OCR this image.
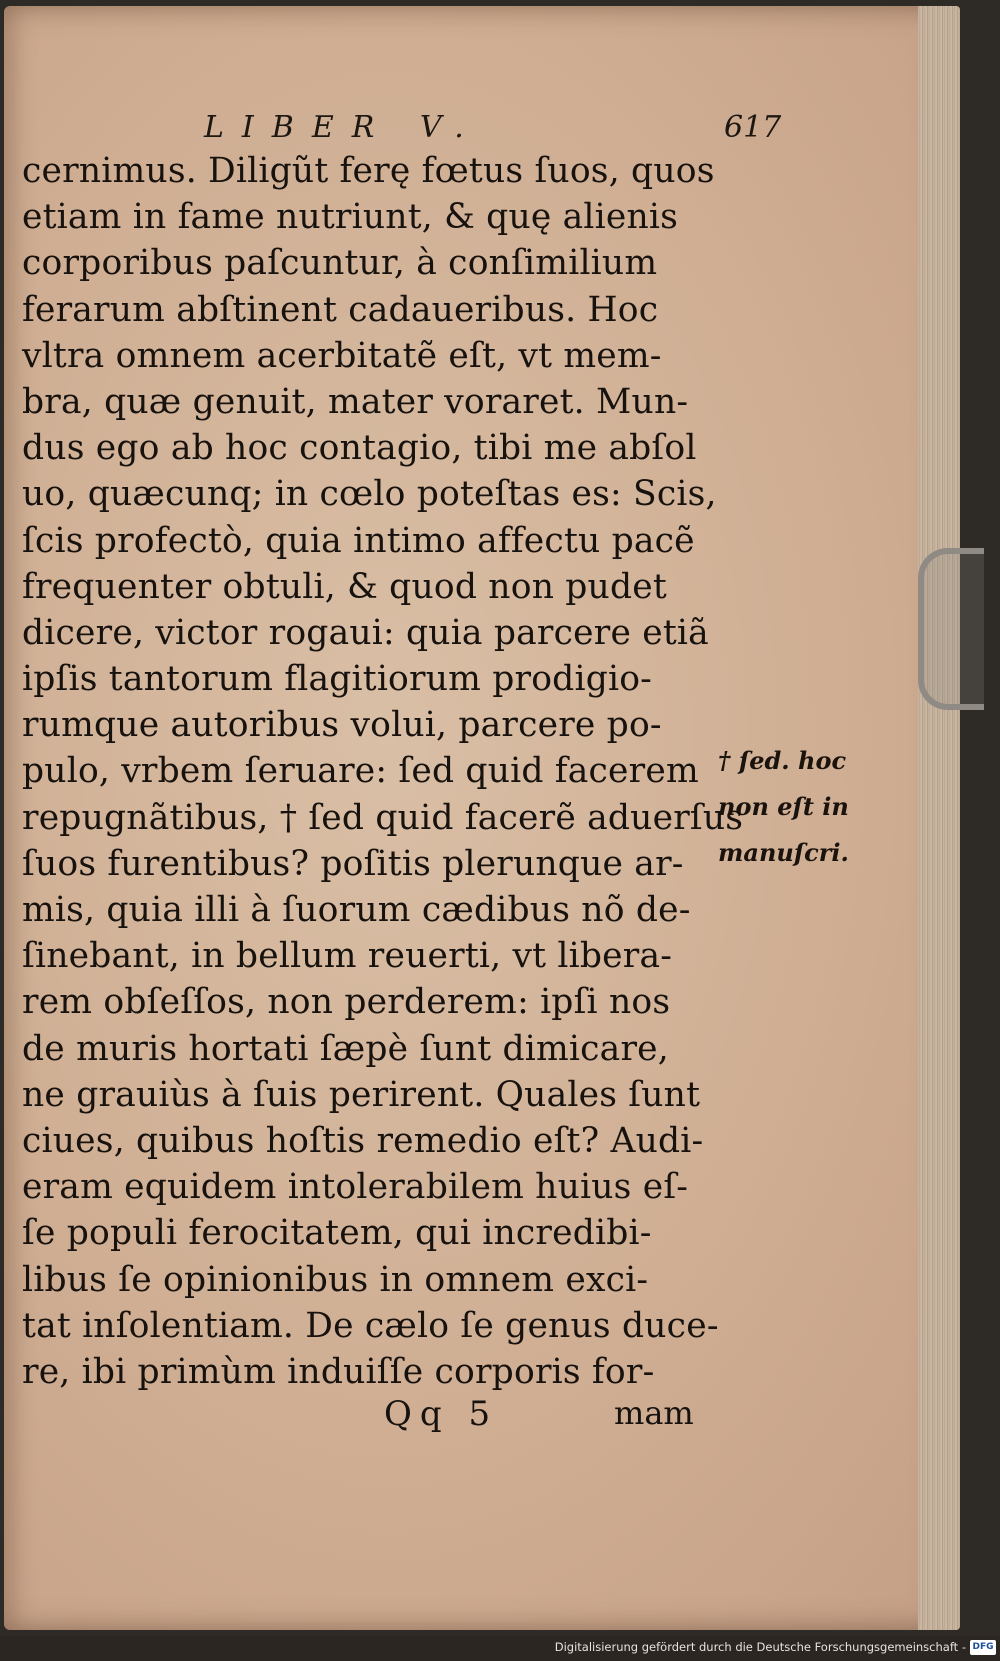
LIBER V.	617
cernimus. Diligũt ferę fœtus ſuos, quos
etiam in fame nutriunt, & quę alienis
corporibus paſcuntur, à conſimilium
ferarum abſtinent cadaueribus. Hoc
vltra omnem acerbitatẽ eſt, vt mem-
bra, quæ genuit, mater voraret. Mun-
dus ego ab hoc contagio, tibi me abſol
uo, quæcunq; in cœlo poteſtas es: Scis,
ſcis profectò, quia intimo affectu pacẽ
frequenter obtuli, & quod non pudet
dicere, victor rogaui: quia parcere etiã
ipſis tantorum flagitiorum prodigio-
rumque autoribus volui, parcere po-
pulo, vrbem ſeruare: ſed quid facerem
repugnãtibus, † ſed quid facerẽ aduerſus
ſuos furentibus? poſitis plerunque ar-
mis, quia illi à ſuorum cædibus nõ de-
ſinebant, in bellum reuerti, vt libera-
rem obſeſſos, non perderem: ipſi nos
de muris hortati ſæpè ſunt dimicare,
ne grauiùs à ſuis perirent. Quales ſunt
ciues, quibus hoſtis remedio eſt? Audi-
eram equidem intolerabilem huius eſ-
ſe populi ferocitatem, qui incredibi-
libus ſe opinionibus in omnem exci-
tat inſolentiam. De cælo ſe genus duce-
re, ibi primùm induiſſe corporis for-
† ſed. hoc
non eſt in
manuſcri.
Qq 5	mam
Digitalisierung gefördert durch die Deutsche Forschungsgemeinschaft - DFG
